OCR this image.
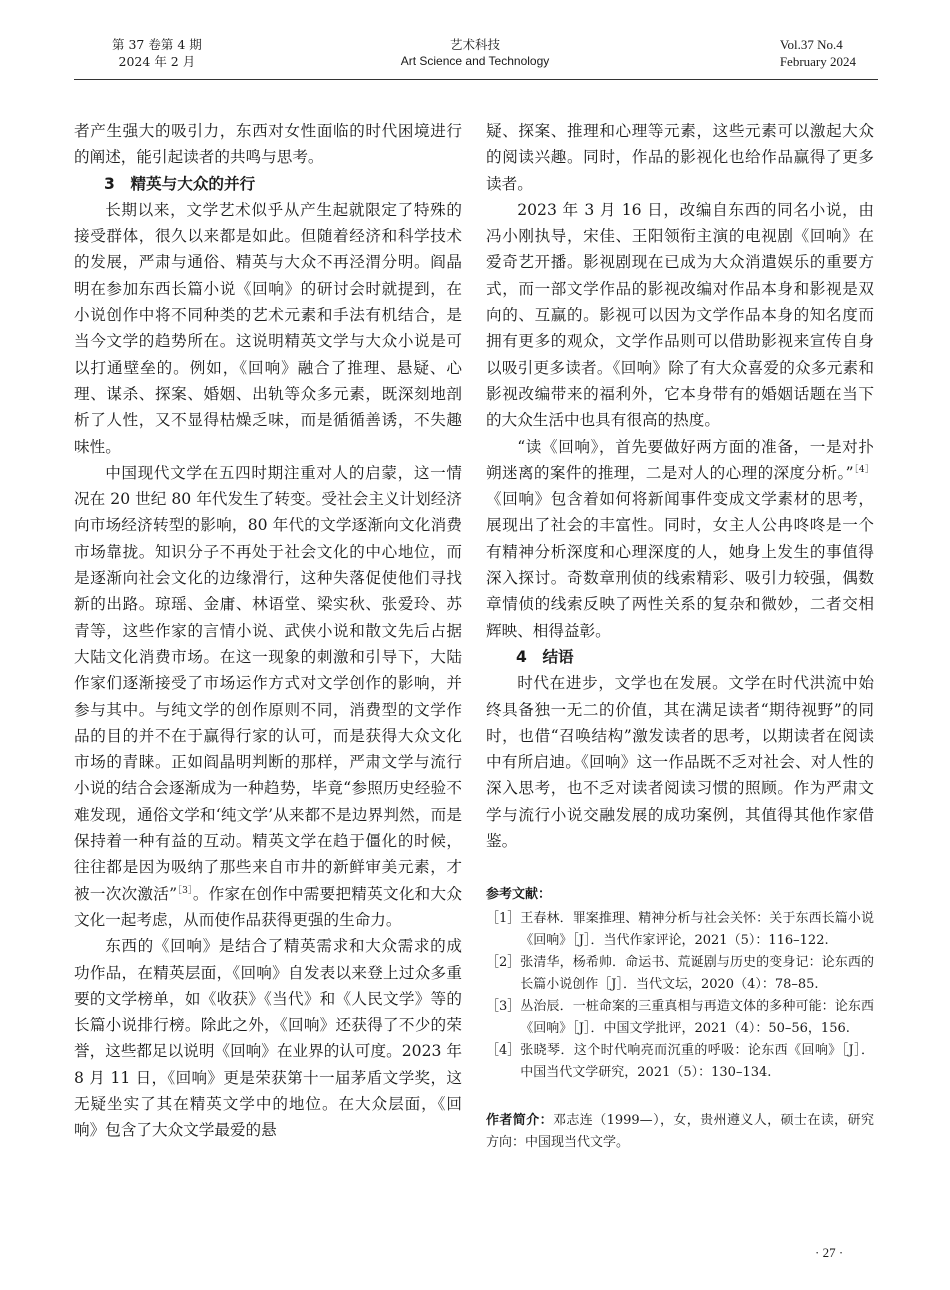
第 37 卷第 4 期
2024 年 2 月
艺术科技
Art Science and Technology
Vol.37 No.4
February 2024

者产生强大的吸引力，东西对女性面临的时代困境进行的阐述，能引起读者的共鸣与思考。

3　精英与大众的并行

长期以来，文学艺术似乎从产生起就限定了特殊的接受群体，很久以来都是如此。但随着经济和科学技术的发展，严肃与通俗、精英与大众不再泾渭分明。阎晶明在参加东西长篇小说《回响》的研讨会时就提到，在小说创作中将不同种类的艺术元素和手法有机结合，是当今文学的趋势所在。这说明精英文学与大众小说是可以打通壁垒的。例如，《回响》融合了推理、悬疑、心理、谋杀、探案、婚姻、出轨等众多元素，既深刻地剖析了人性，又不显得枯燥乏味，而是循循善诱，不失趣味性。

中国现代文学在五四时期注重对人的启蒙，这一情况在 20 世纪 80 年代发生了转变。受社会主义计划经济向市场经济转型的影响，80 年代的文学逐渐向文化消费市场靠拢。知识分子不再处于社会文化的中心地位，而是逐渐向社会文化的边缘滑行，这种失落促使他们寻找新的出路。琼瑶、金庸、林语堂、梁实秋、张爱玲、苏青等，这些作家的言情小说、武侠小说和散文先后占据大陆文化消费市场。在这一现象的刺激和引导下，大陆作家们逐渐接受了市场运作方式对文学创作的影响，并参与其中。与纯文学的创作原则不同，消费型的文学作品的目的并不在于赢得行家的认可，而是获得大众文化市场的青睐。正如阎晶明判断的那样，严肃文学与流行小说的结合会逐渐成为一种趋势，毕竟“参照历史经验不难发现，通俗文学和‘纯文学’从来都不是边界判然，而是保持着一种有益的互动。精英文学在趋于僵化的时候，往往都是因为吸纳了那些来自市井的新鲜审美元素，才被一次次激活”$^{[3]}$。作家在创作中需要把精英文化和大众文化一起考虑，从而使作品获得更强的生命力。

东西的《回响》是结合了精英需求和大众需求的成功作品，在精英层面，《回响》自发表以来登上过众多重要的文学榜单，如《收获》《当代》和《人民文学》等的长篇小说排行榜。除此之外，《回响》还获得了不少的荣誉，这些都足以说明《回响》在业界的认可度。2023 年 8 月 11 日，《回响》更是荣获第十一届茅盾文学奖，这无疑坐实了其在精英文学中的地位。在大众层面，《回响》包含了大众文学最爱的悬

疑、探案、推理和心理等元素，这些元素可以激起大众的阅读兴趣。同时，作品的影视化也给作品赢得了更多读者。

2023 年 3 月 16 日，改编自东西的同名小说，由冯小刚执导，宋佳、王阳领衔主演的电视剧《回响》在爱奇艺开播。影视剧现在已成为大众消遣娱乐的重要方式，而一部文学作品的影视改编对作品本身和影视是双向的、互赢的。影视可以因为文学作品本身的知名度而拥有更多的观众，文学作品则可以借助影视来宣传自身以吸引更多读者。《回响》除了有大众喜爱的众多元素和影视改编带来的福利外，它本身带有的婚姻话题在当下的大众生活中也具有很高的热度。

“读《回响》，首先要做好两方面的准备，一是对扑朔迷离的案件的推理，二是对人的心理的深度分析。”$^{[4]}$《回响》包含着如何将新闻事件变成文学素材的思考，展现出了社会的丰富性。同时，女主人公冉咚咚是一个有精神分析深度和心理深度的人，她身上发生的事值得深入探讨。奇数章刑侦的线索精彩、吸引力较强，偶数章情侦的线索反映了两性关系的复杂和微妙，二者交相辉映、相得益彰。

4　结语

时代在进步，文学也在发展。文学在时代洪流中始终具备独一无二的价值，其在满足读者“期待视野”的同时，也借“召唤结构”激发读者的思考，以期读者在阅读中有所启迪。《回响》这一作品既不乏对社会、对人性的深入思考，也不乏对读者阅读习惯的照顾。作为严肃文学与流行小说交融发展的成功案例，其值得其他作家借鉴。

参考文献：
［1］ 王春林．罪案推理、精神分析与社会关怀：关于东西长篇小说《回响》［J］．当代作家评论，2021（5）：116–122.
［2］ 张清华，杨希帅．命运书、荒诞剧与历史的变身记：论东西的长篇小说创作［J］．当代文坛，2020（4）：78–85.
［3］ 丛治辰．一桩命案的三重真相与再造文体的多种可能：论东西《回响》［J］．中国文学批评，2021（4）：50–56，156.
［4］ 张晓琴．这个时代响亮而沉重的呼吸：论东西《回响》［J］．中国当代文学研究，2021（5）：130–134.
作者简介：邓志连（1999—），女，贵州遵义人，硕士在读，研究方向：中国现当代文学。
· 27 ·
